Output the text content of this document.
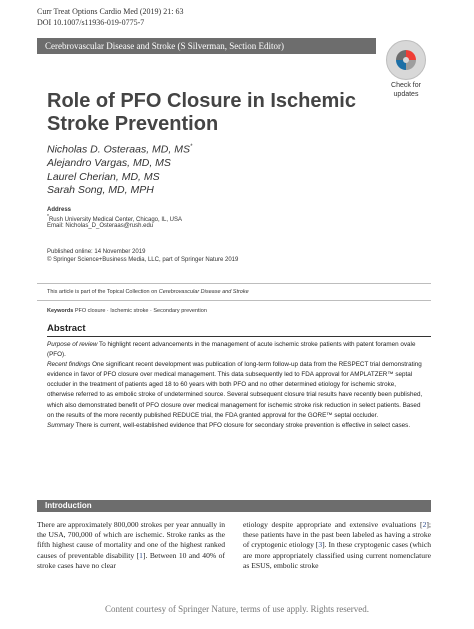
Curr Treat Options Cardio Med (2019) 21: 63
DOI 10.1007/s11936-019-0775-7
Cerebrovascular Disease and Stroke (S Silverman, Section Editor)
Check for
updates
Role of PFO Closure in Ischemic
Stroke Prevention
Nicholas D. Osteraas, MD, MS*
Alejandro Vargas, MD, MS
Laurel Cherian, MD, MS
Sarah Song, MD, MPH
Address
*Rush University Medical Center, Chicago, IL, USA
Email: Nicholas_D_Osteraas@rush.edu
Published online: 14 November 2019
© Springer Science+Business Media, LLC, part of Springer Nature 2019
This article is part of the Topical Collection on Cerebrovascular Disease and Stroke
Keywords PFO closure · Ischemic stroke · Secondary prevention
Abstract

Purpose of review To highlight recent advancements in the management of acute ischemic stroke patients with patent foramen ovale (PFO).

Recent findings One significant recent development was publication of long-term follow-up data from the RESPECT trial demonstrating evidence in favor of PFO closure over medical management. This data subsequently led to FDA approval for AMPLATZER™ septal occluder in the treatment of patients aged 18 to 60 years with both PFO and no other determined etiology for ischemic stroke, otherwise referred to as embolic stroke of undetermined source. Several subsequent closure trial results have recently been published, which also demonstrated benefit of PFO closure over medical management for ischemic stroke risk reduction in select patients. Based on the results of the more recently published REDUCE trial, the FDA granted approval for the GORE™ septal occluder.

Summary There is current, well-established evidence that PFO closure for secondary stroke prevention is effective in select cases.

Introduction

There are approximately 800,000 strokes per year annually in the USA, 700,000 of which are ischemic. Stroke ranks as the fifth highest cause of mortality and one of the highest ranked causes of preventable disability [1]. Between 10 and 40% of stroke cases have no clear

etiology despite appropriate and extensive evaluations [2]; these patients have in the past been labeled as having a stroke of cryptogenic etiology [3]. In these cryptogenic cases (which are more appropriately classified using current nomenclature as ESUS, embolic stroke

Content courtesy of Springer Nature, terms of use apply. Rights reserved.
